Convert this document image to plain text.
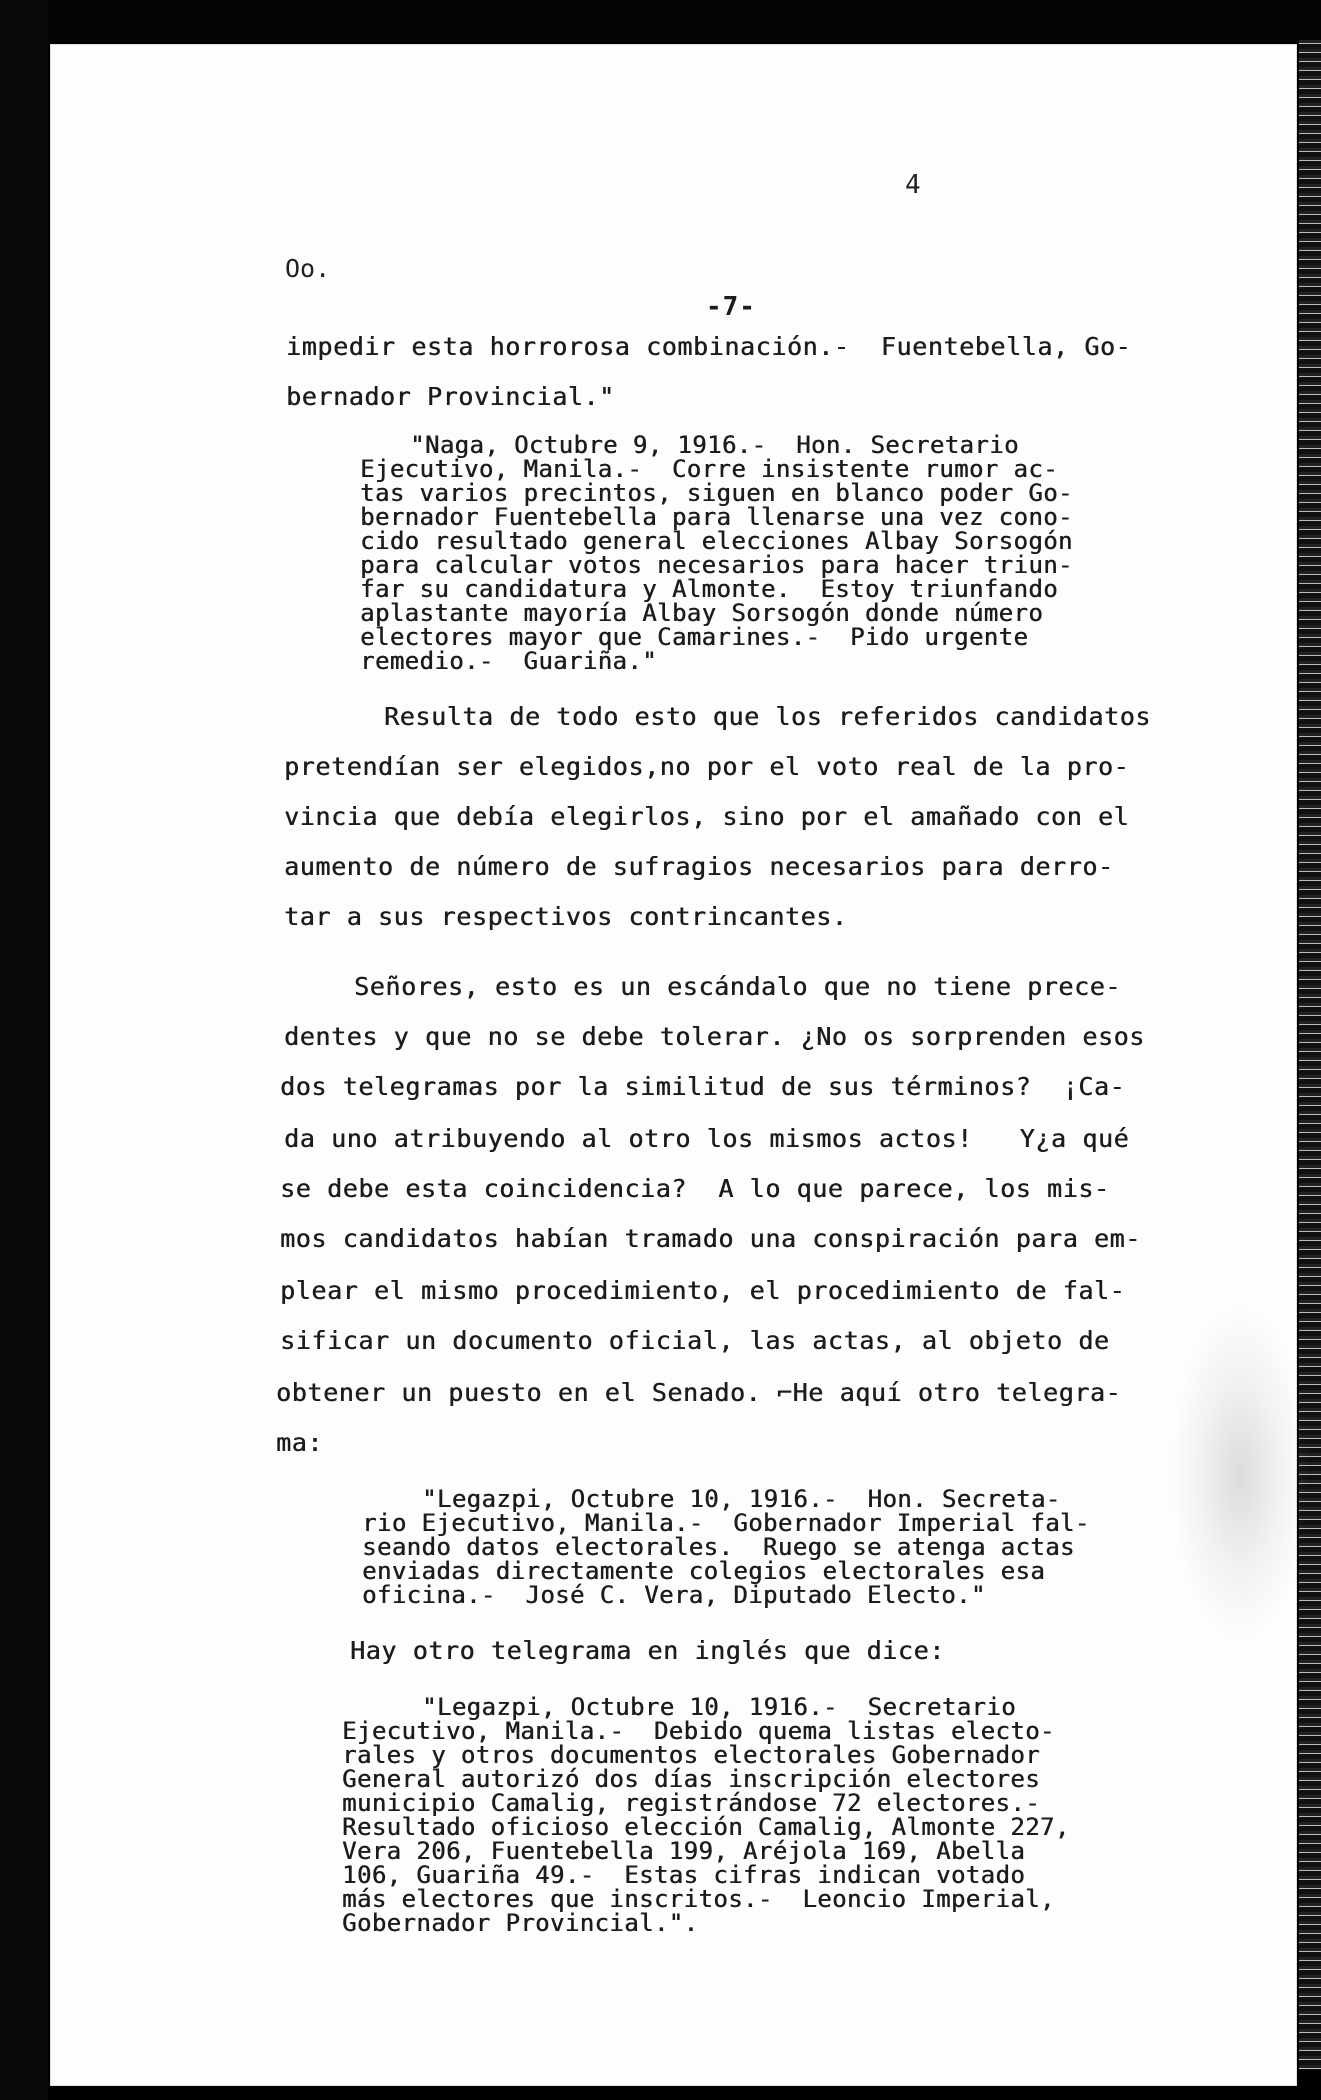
4
Oo.
-7-
impedir esta horrorosa combinación.-  Fuentebella, Go-
bernador Provincial."
"Naga, Octubre 9, 1916.-  Hon. Secretario
Ejecutivo, Manila.-  Corre insistente rumor ac-
tas varios precintos, siguen en blanco poder Go-
bernador Fuentebella para llenarse una vez cono-
cido resultado general elecciones Albay Sorsogón
para calcular votos necesarios para hacer triun-
far su candidatura y Almonte.  Estoy triunfando
aplastante mayoría Albay Sorsogón donde número
electores mayor que Camarines.-  Pido urgente
remedio.-  Guariña."
Resulta de todo esto que los referidos candidatos
pretendían ser elegidos,no por el voto real de la pro-
vincia que debía elegirlos, sino por el amañado con el
aumento de número de sufragios necesarios para derro-
tar a sus respectivos contrincantes.
Señores, esto es un escándalo que no tiene prece-
dentes y que no se debe tolerar. ¿No os sorprenden esos
dos telegramas por la similitud de sus términos?  ¡Ca-
da uno atribuyendo al otro los mismos actos!   Y¿a qué
se debe esta coincidencia?  A lo que parece, los mis-
mos candidatos habían tramado una conspiración para em-
plear el mismo procedimiento, el procedimiento de fal-
sificar un documento oficial, las actas, al objeto de
obtener un puesto en el Senado. ⌐He aquí otro telegra-
ma:
"Legazpi, Octubre 10, 1916.-  Hon. Secreta-
rio Ejecutivo, Manila.-  Gobernador Imperial fal-
seando datos electorales.  Ruego se atenga actas
enviadas directamente colegios electorales esa
oficina.-  José C. Vera, Diputado Electo."
Hay otro telegrama en inglés que dice:
"Legazpi, Octubre 10, 1916.-  Secretario
Ejecutivo, Manila.-  Debido quema listas electo-
rales y otros documentos electorales Gobernador
General autorizó dos días inscripción electores
municipio Camalig, registrándose 72 electores.-
Resultado oficioso elección Camalig, Almonte 227,
Vera 206, Fuentebella 199, Aréjola 169, Abella
106, Guariña 49.-  Estas cifras indican votado
más electores que inscritos.-  Leoncio Imperial,
Gobernador Provincial.".
